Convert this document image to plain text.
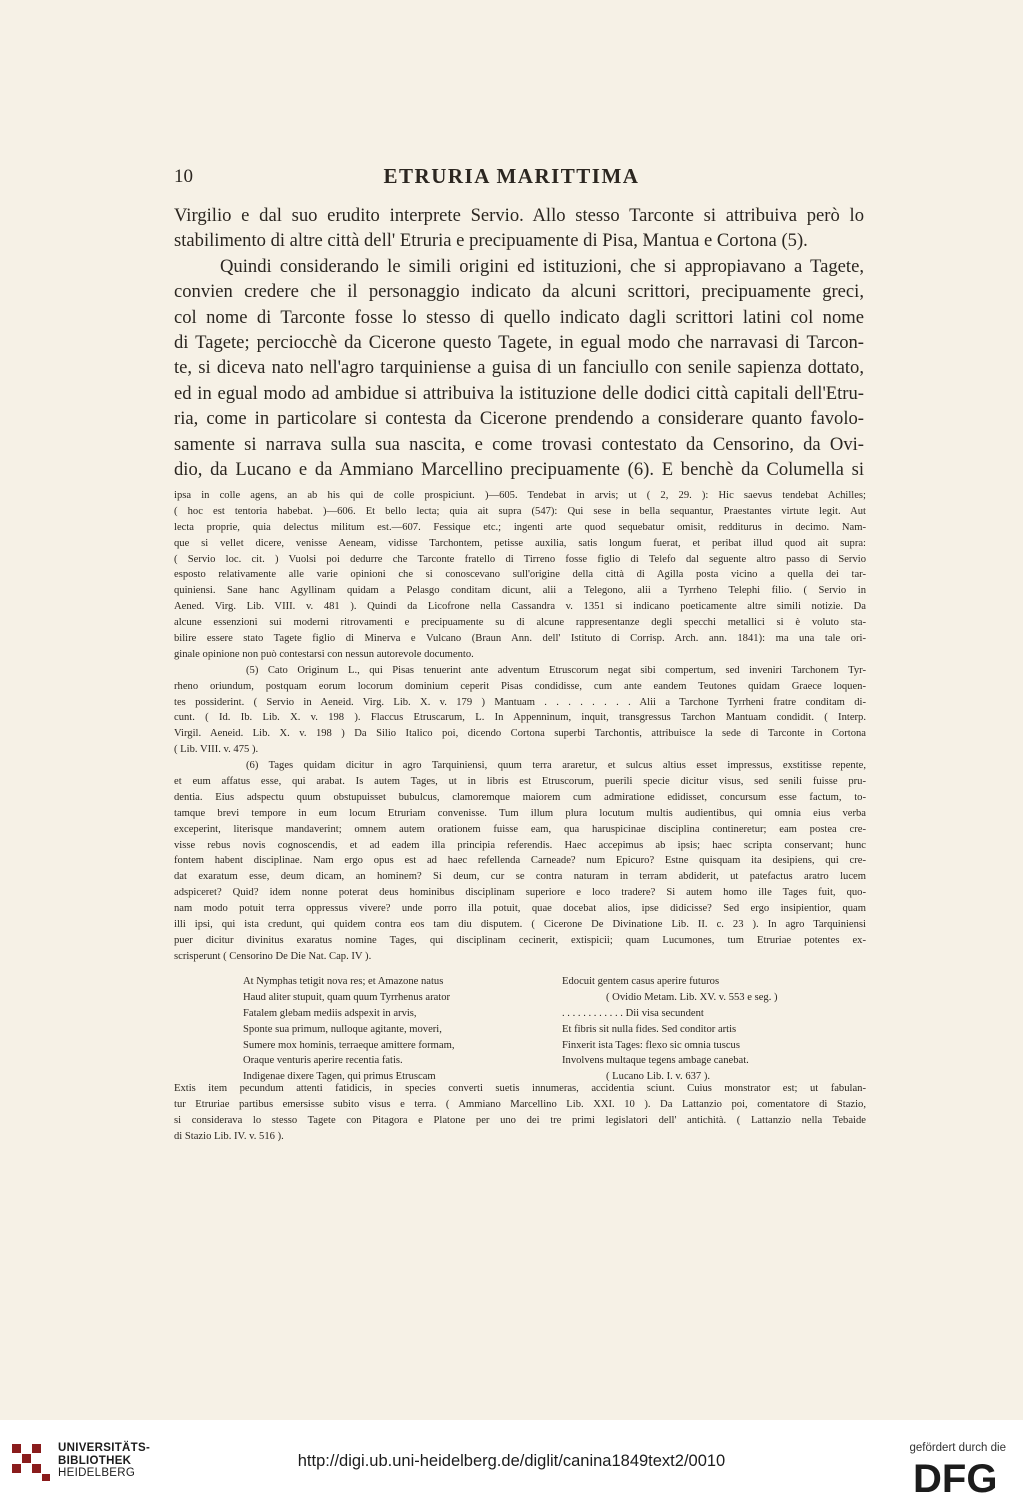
10	ETRURIA MARITTIMA
Virgilio e dal suo erudito interprete Servio. Allo stesso Tarconte si attribuiva però lo
stabilimento di altre città dell' Etruria e precipuamente di Pisa, Mantua e Cortona (5).
Quindi considerando le simili origini ed istituzioni, che si appropiavano a Tagete,
convien credere che il personaggio indicato da alcuni scrittori, precipuamente greci,
col nome di Tarconte fosse lo stesso di quello indicato dagli scrittori latini col nome
di Tagete; perciocchè da Cicerone questo Tagete, in egual modo che narravasi di Tarcon-
te, si diceva nato nell'agro tarquiniense a guisa di un fanciullo con senile sapienza dottato,
ed in egual modo ad ambidue si attribuiva la istituzione delle dodici città capitali dell'Etru-
ria, come in particolare si contesta da Cicerone prendendo a considerare quanto favolo-
samente si narrava sulla sua nascita, e come trovasi contestato da Censorino, da Ovi-
dio, da Lucano e da Ammiano Marcellino precipuamente (6). E benchè da Columella si
ipsa in colle agens, an ab his qui de colle prospiciunt. )—605. Tendebat in arvis; ut ( 2, 29. ): Hic saevus tendebat Achilles;
( hoc est tentoria habebat. )—606. Et bello lecta; quia ait supra (547): Qui sese in bella sequantur, Praestantes virtute legit. Aut
lecta proprie, quia delectus militum est.—607. Fessique etc.; ingenti arte quod sequebatur omisit, redditurus in decimo. Nam-
que si vellet dicere, venisse Aeneam, vidisse Tarchontem, petisse auxilia, satis longum fuerat, et peribat illud quod ait supra:
( Servio loc. cit. ) Vuolsi poi dedurre che Tarconte fratello di Tirreno fosse figlio di Telefo dal seguente altro passo di Servio
esposto relativamente alle varie opinioni che si conoscevano sull'origine della città di Agilla posta vicino a quella dei tar-
quiniensi. Sane hanc Agyllinam quidam a Pelasgo conditam dicunt, alii a Telegono, alii a Tyrrheno Telephi filio. ( Servio in
Aened. Virg. Lib. VIII. v. 481 ). Quindi da Licofrone nella Cassandra v. 1351 si indicano poeticamente altre simili notizie. Da
alcune essenzioni sui moderni ritrovamenti e precipuamente su di alcune rappresentanze degli specchi metallici si è voluto sta-
bilire essere stato Tagete figlio di Minerva e Vulcano (Braun Ann. dell' Istituto di Corrisp. Arch. ann. 1841): ma una tale ori-
ginale opinione non può contestarsi con nessun autorevole documento.
(5) Cato Originum L., qui Pisas tenuerint ante adventum Etruscorum negat sibi compertum, sed inveniri Tarchonem Tyr-
rheno oriundum, postquam eorum locorum dominium ceperit Pisas condidisse, cum ante eandem Teutones quidam Graece loquen-
tes possiderint. ( Servio in Aeneid. Virg. Lib. X. v. 179 ) Mantuam . . . . . . . . Alii a Tarchone Tyrrheni fratre conditam di-
cunt. ( Id. Ib. Lib. X. v. 198 ). Flaccus Etruscarum, L. In Appenninum, inquit, transgressus Tarchon Mantuam condidit. ( Interp.
Virgil. Aeneid. Lib. X. v. 198 ) Da Silio Italico poi, dicendo Cortona superbi Tarchontis, attribuisce la sede di Tarconte in Cortona
( Lib. VIII. v. 475 ).
(6) Tages quidam dicitur in agro Tarquiniensi, quum terra araretur, et sulcus altius esset impressus, exstitisse repente,
et eum affatus esse, qui arabat. Is autem Tages, ut in libris est Etruscorum, puerili specie dicitur visus, sed senili fuisse pru-
dentia. Eius adspectu quum obstupuisset bubulcus, clamoremque maiorem cum admiratione edidisset, concursum esse factum, to-
tamque brevi tempore in eum locum Etruriam convenisse. Tum illum plura locutum multis audientibus, qui omnia eius verba
exceperint, literisque mandaverint; omnem autem orationem fuisse eam, qua haruspicinae disciplina contineretur; eam postea cre-
visse rebus novis cognoscendis, et ad eadem illa principia referendis. Haec accepimus ab ipsis; haec scripta conservant; hunc
fontem habent disciplinae. Nam ergo opus est ad haec refellenda Carneade? num Epicuro? Estne quisquam ita desipiens, qui cre-
dat exaratum esse, deum dicam, an hominem? Si deum, cur se contra naturam in terram abdiderit, ut patefactus aratro lucem
adspiceret? Quid? idem nonne poterat deus hominibus disciplinam superiore e loco tradere? Si autem homo ille Tages fuit, quo-
nam modo potuit terra oppressus vivere? unde porro illa potuit, quae docebat alios, ipse didicisse? Sed ergo insipientior, quam
illi ipsi, qui ista credunt, qui quidem contra eos tam diu disputem. ( Cicerone De Divinatione Lib. II. c. 23 ). In agro Tarquiniensi
puer dicitur divinitus exaratus nomine Tages, qui disciplinam cecinerit, extispicii; quam Lucumones, tum Etruriae potentes ex-
scrisperunt ( Censorino De Die Nat. Cap. IV ).
At Nymphas tetigit nova res; et Amazone natus	Edocuit gentem casus aperire futuros
Haud aliter stupuit, quam quum Tyrrhenus arator	( Ovidio Metam. Lib. XV. v. 553 e seg. )
Fatalem glebam mediis adspexit in arvis,	. . . . . . . . . . . . Dii visa secundent
Sponte sua primum, nulloque agitante, moveri,	Et fibris sit nulla fides. Sed conditor artis
Sumere mox hominis, terraeque amittere formam,	Finxerit ista Tages: flexo sic omnia tuscus
Oraque venturis aperire recentia fatis.	Involvens multaque tegens ambage canebat.
Indigenae dixere Tagen, qui primus Etruscam	( Lucano Lib. I. v. 637 ).
Extis item pecundum attenti fatidicis, in species converti suetis innumeras, accidentia sciunt. Cuius monstrator est; ut fabulan-
tur Etruriae partibus emersisse subito visus e terra. ( Ammiano Marcellino Lib. XXI. 10 ). Da Lattanzio poi, comentatore di Stazio,
si considerava lo stesso Tagete con Pitagora e Platone per uno dei tre primi legislatori dell' antichità. ( Lattanzio nella Tebaide
di Stazio Lib. IV. v. 516 ).
UNIVERSITÄTS-
BIBLIOTHEK
HEIDELBERG
http://digi.ub.uni-heidelberg.de/diglit/canina1849text2/0010
gefördert durch die
DFG
